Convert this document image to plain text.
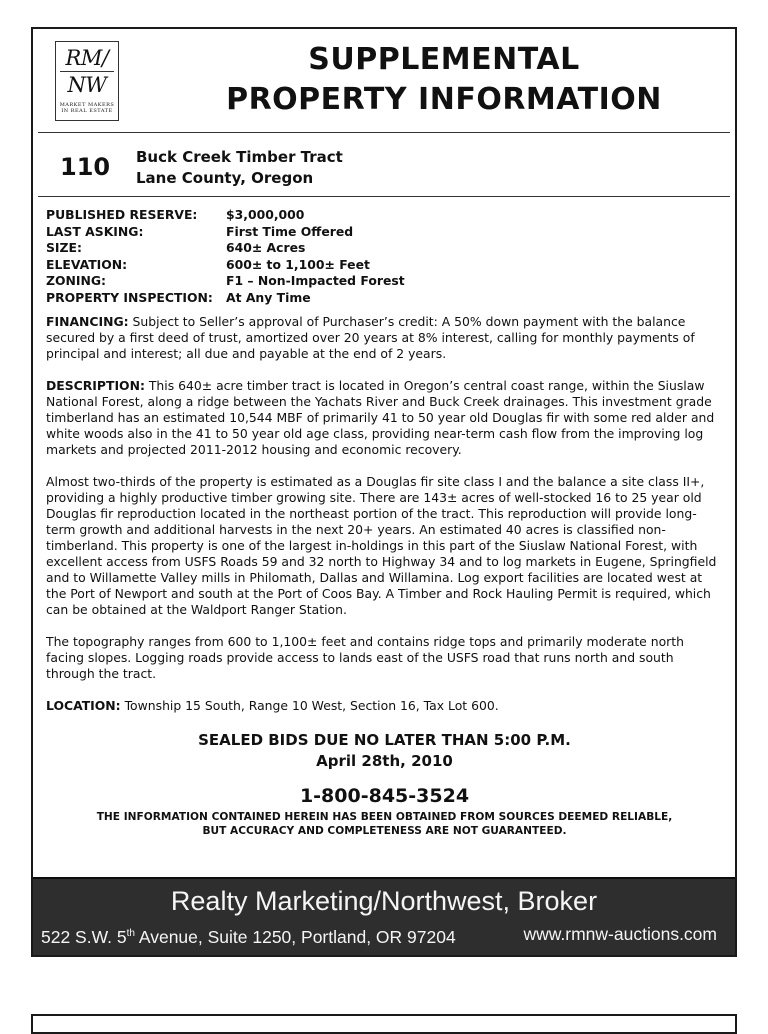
RM/
NW
MARKET MAKERS
IN REAL ESTATE
SUPPLEMENTAL
PROPERTY INFORMATION
110 Buck Creek Timber Tract
Lane County, Oregon
PUBLISHED RESERVE:	$3,000,000
LAST ASKING:	First Time Offered
SIZE:	640± Acres
ELEVATION:	600± to 1,100± Feet
ZONING:	F1 – Non-Impacted Forest
PROPERTY INSPECTION:	At Any Time

FINANCING: Subject to Seller’s approval of Purchaser’s credit: A 50% down payment with the balance secured by a first deed of trust, amortized over 20 years at 8% interest, calling for monthly payments of principal and interest; all due and payable at the end of 2 years.

DESCRIPTION: This 640± acre timber tract is located in Oregon’s central coast range, within the Siuslaw National Forest, along a ridge between the Yachats River and Buck Creek drainages. This investment grade timberland has an estimated 10,544 MBF of primarily 41 to 50 year old Douglas fir with some red alder and white woods also in the 41 to 50 year old age class, providing near-term cash flow from the improving log markets and projected 2011-2012 housing and economic recovery.

Almost two-thirds of the property is estimated as a Douglas fir site class I and the balance a site class II+, providing a highly productive timber growing site. There are 143± acres of well-stocked 16 to 25 year old Douglas fir reproduction located in the northeast portion of the tract. This reproduction will provide long-term growth and additional harvests in the next 20+ years. An estimated 40 acres is classified non-timberland. This property is one of the largest in-holdings in this part of the Siuslaw National Forest, with excellent access from USFS Roads 59 and 32 north to Highway 34 and to log markets in Eugene, Springfield and to Willamette Valley mills in Philomath, Dallas and Willamina. Log export facilities are located west at the Port of Newport and south at the Port of Coos Bay. A Timber and Rock Hauling Permit is required, which can be obtained at the Waldport Ranger Station.

The topography ranges from 600 to 1,100± feet and contains ridge tops and primarily moderate north facing slopes. Logging roads provide access to lands east of the USFS road that runs north and south through the tract.

LOCATION: Township 15 South, Range 10 West, Section 16, Tax Lot 600.

SEALED BIDS DUE NO LATER THAN 5:00 P.M.
April 28th, 2010
1-800-845-3524
THE INFORMATION CONTAINED HEREIN HAS BEEN OBTAINED FROM SOURCES DEEMED RELIABLE,
BUT ACCURACY AND COMPLETENESS ARE NOT GUARANTEED.
Realty Marketing/Northwest, Broker
522 S.W. 5th Avenue, Suite 1250, Portland, OR 97204	www.rmnw-auctions.com
